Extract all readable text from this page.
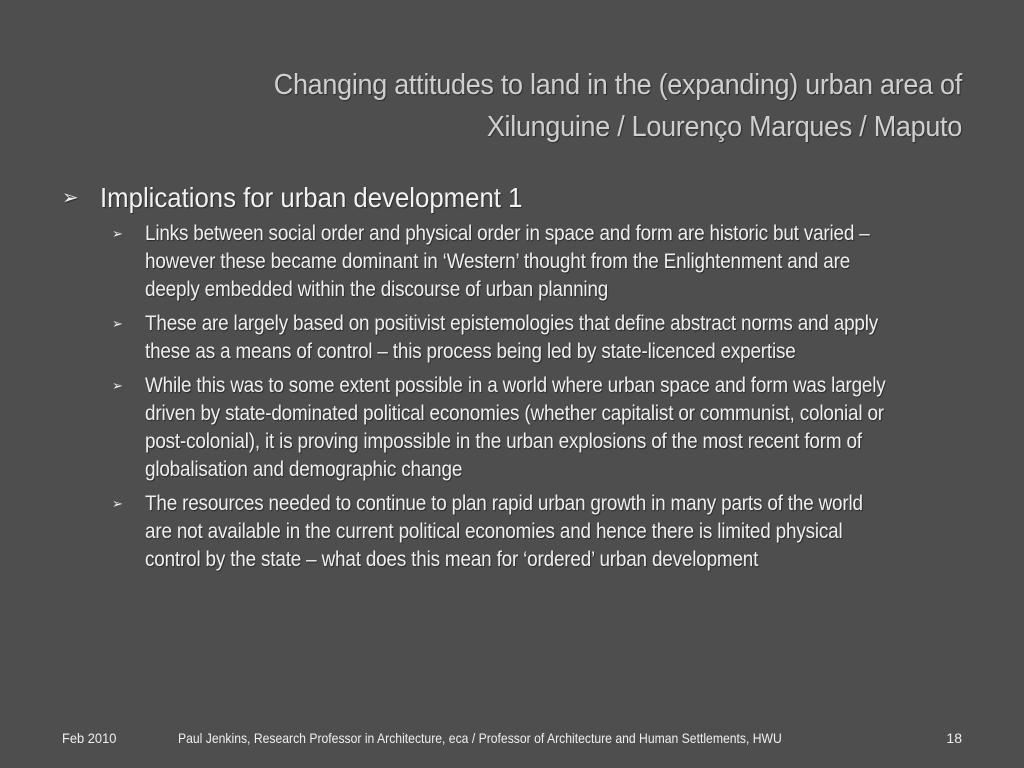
Changing attitudes to land in the (expanding) urban area of
Xilunguine / Lourenço Marques / Maputo
➢ Implications for urban development 1
➢	Links between social order and physical order in space and form are historic but varied – however these became dominant in ‘Western’ thought from the Enlightenment and are deeply embedded within the discourse of urban planning
➢	These are largely based on positivist epistemologies that define abstract norms and apply these as a means of control – this process being led by state-licenced expertise
➢	While this was to some extent possible in a world where urban space and form was largely driven by state-dominated political economies (whether capitalist or communist, colonial or post-colonial), it is proving impossible in the urban explosions of the most recent form of globalisation and demographic change
➢	The resources needed to continue to plan rapid urban growth in many parts of the world are not available in the current political economies and hence there is limited physical control by the state – what does this mean for ‘ordered’ urban development
Feb 2010	Paul Jenkins, Research Professor in Architecture, eca / Professor of Architecture and Human Settlements, HWU	18
